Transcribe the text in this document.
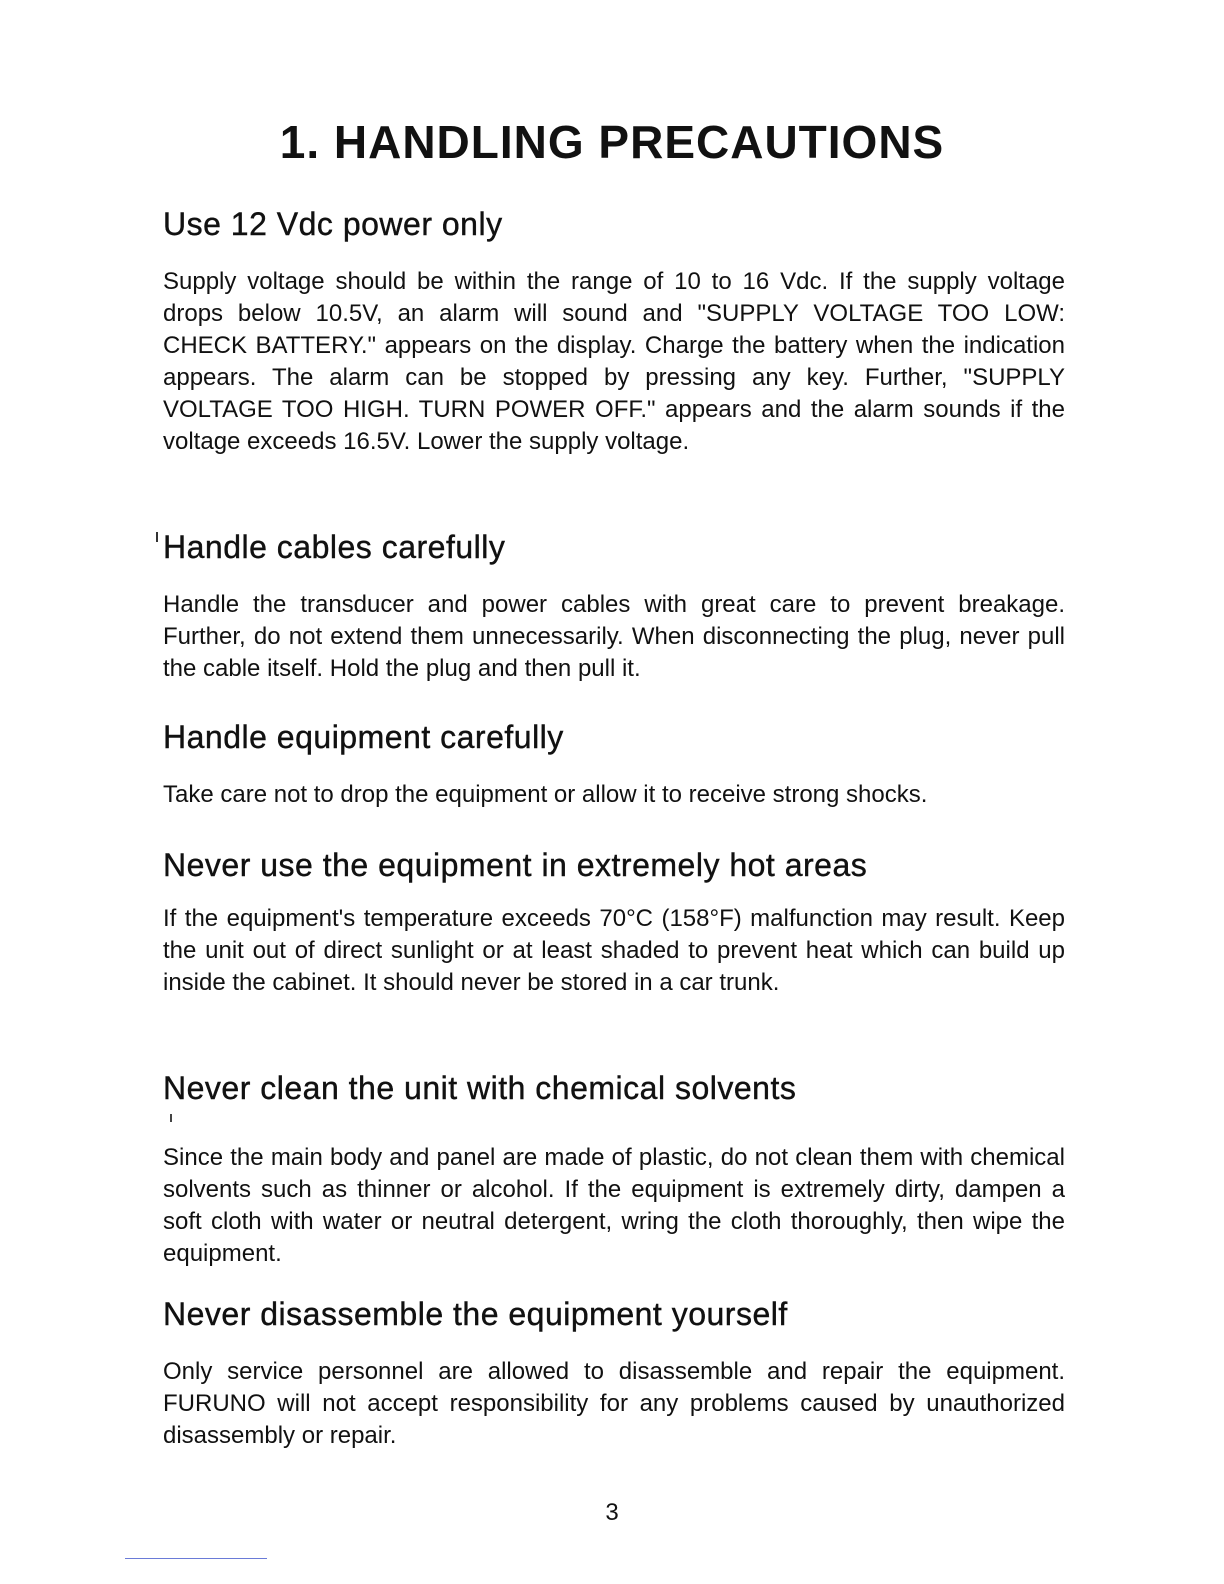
1. HANDLING PRECAUTIONS
Use 12 Vdc power only

Supply voltage should be within the range of 10 to 16 Vdc. If the supply voltage drops below 10.5V, an alarm will sound and "SUPPLY VOLTAGE TOO LOW: CHECK BATTERY." appears on the display. Charge the battery when the indication appears. The alarm can be stopped by pressing any key. Further, "SUPPLY VOLTAGE TOO HIGH. TURN POWER OFF." appears and the alarm sounds if the voltage exceeds 16.5V. Lower the supply voltage.

Handle cables carefully

Handle the transducer and power cables with great care to prevent breakage. Further, do not extend them unnecessarily. When disconnecting the plug, never pull the cable itself. Hold the plug and then pull it.

Handle equipment carefully

Take care not to drop the equipment or allow it to receive strong shocks.

Never use the equipment in extremely hot areas

If the equipment's temperature exceeds 70°C (158°F) malfunction may result. Keep the unit out of direct sunlight or at least shaded to prevent heat which can build up inside the cabinet. It should never be stored in a car trunk.

Never clean the unit with chemical solvents

Since the main body and panel are made of plastic, do not clean them with chemical solvents such as thinner or alcohol. If the equipment is extremely dirty, dampen a soft cloth with water or neutral detergent, wring the cloth thoroughly, then wipe the equipment.

Never disassemble the equipment yourself

Only service personnel are allowed to disassemble and repair the equipment. FURUNO will not accept responsibility for any problems caused by unauthorized disassembly or repair.

3
